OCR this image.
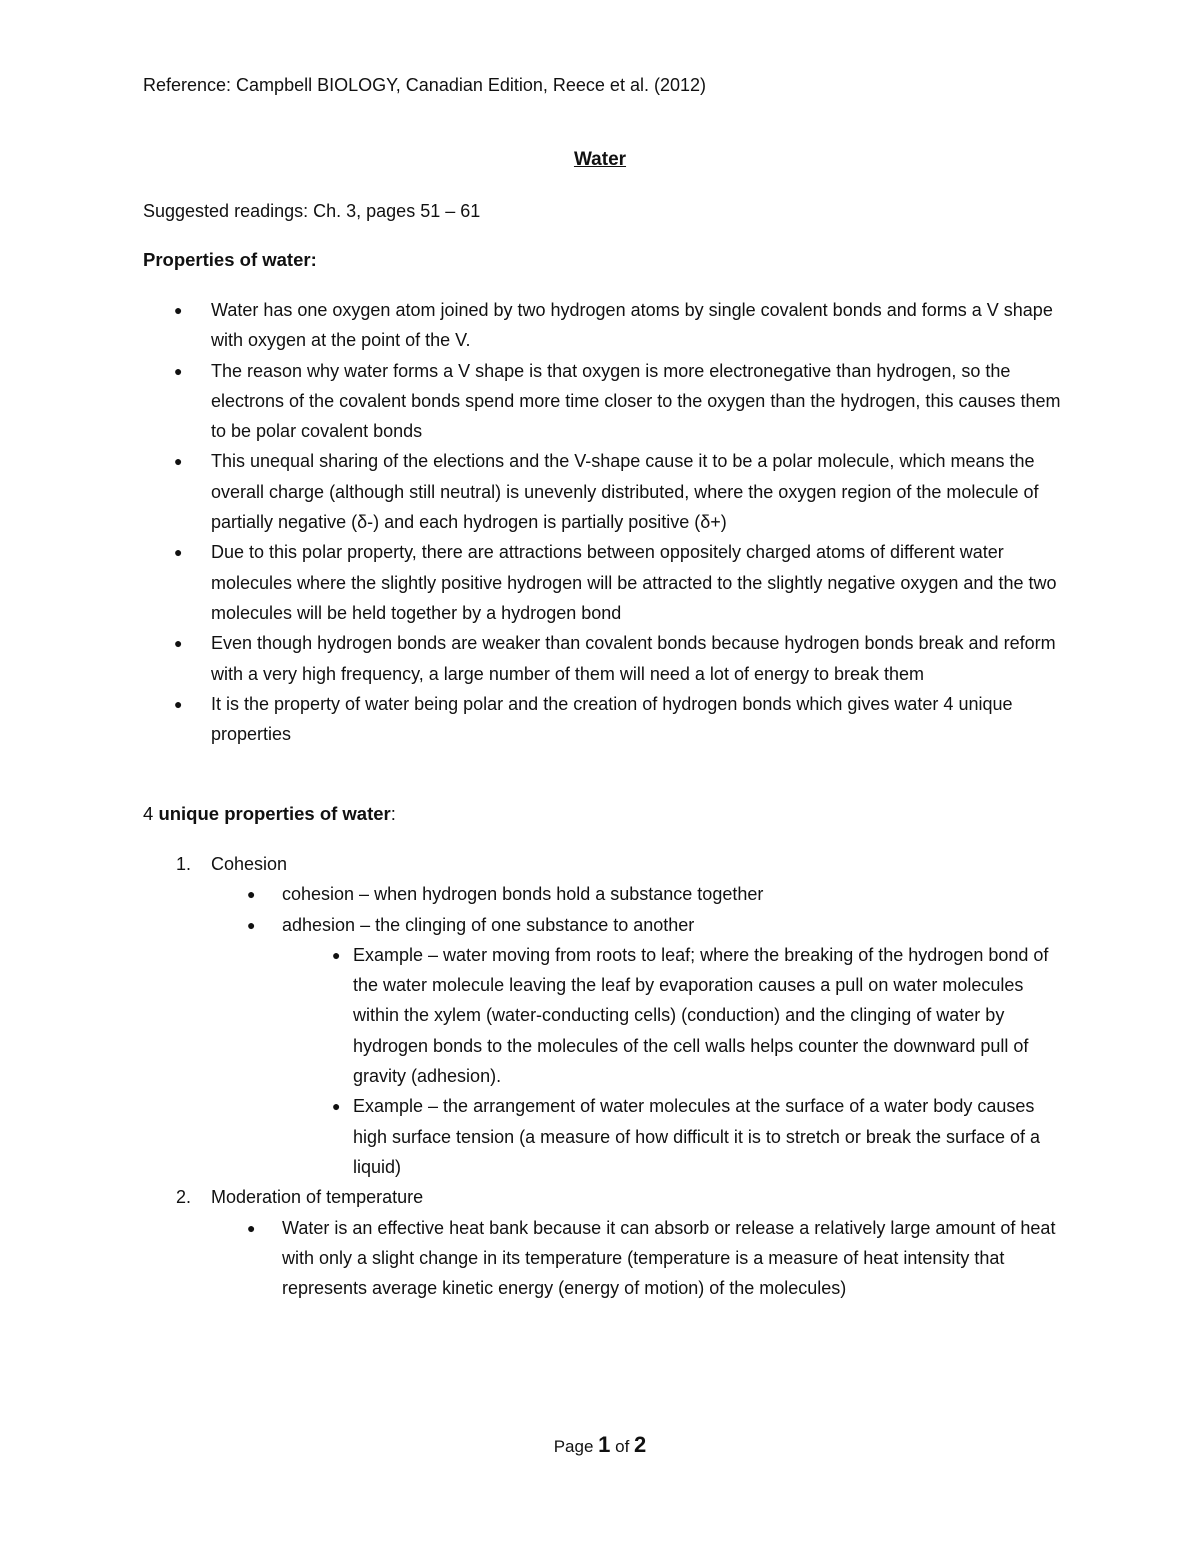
Reference: Campbell BIOLOGY, Canadian Edition, Reece et al. (2012)
Water
Suggested readings: Ch. 3, pages 51 – 61
Properties of water:
● Water has one oxygen atom joined by two hydrogen atoms by single covalent bonds and forms a V shape with oxygen at the point of the V.
● The reason why water forms a V shape is that oxygen is more electronegative than hydrogen, so the electrons of the covalent bonds spend more time closer to the oxygen than the hydrogen, this causes them to be polar covalent bonds
● This unequal sharing of the elections and the V-shape cause it to be a polar molecule, which means the overall charge (although still neutral) is unevenly distributed, where the oxygen region of the molecule of partially negative (δ-) and each hydrogen is partially positive (δ+)
● Due to this polar property, there are attractions between oppositely charged atoms of different water molecules where the slightly positive hydrogen will be attracted to the slightly negative oxygen and the two molecules will be held together by a hydrogen bond
● Even though hydrogen bonds are weaker than covalent bonds because hydrogen bonds break and reform with a very high frequency, a large number of them will need a lot of energy to break them
● It is the property of water being polar and the creation of hydrogen bonds which gives water 4 unique properties
4 unique properties of water:
1. Cohesion
● cohesion – when hydrogen bonds hold a substance together
● adhesion – the clinging of one substance to another
● Example – water moving from roots to leaf; where the breaking of the hydrogen bond of the water molecule leaving the leaf by evaporation causes a pull on water molecules within the xylem (water-conducting cells) (conduction) and the clinging of water by hydrogen bonds to the molecules of the cell walls helps counter the downward pull of gravity (adhesion).
● Example – the arrangement of water molecules at the surface of a water body causes high surface tension (a measure of how difficult it is to stretch or break the surface of a liquid)
2. Moderation of temperature
● Water is an effective heat bank because it can absorb or release a relatively large amount of heat with only a slight change in its temperature (temperature is a measure of heat intensity that represents average kinetic energy (energy of motion) of the molecules)
Page 1 of 2
